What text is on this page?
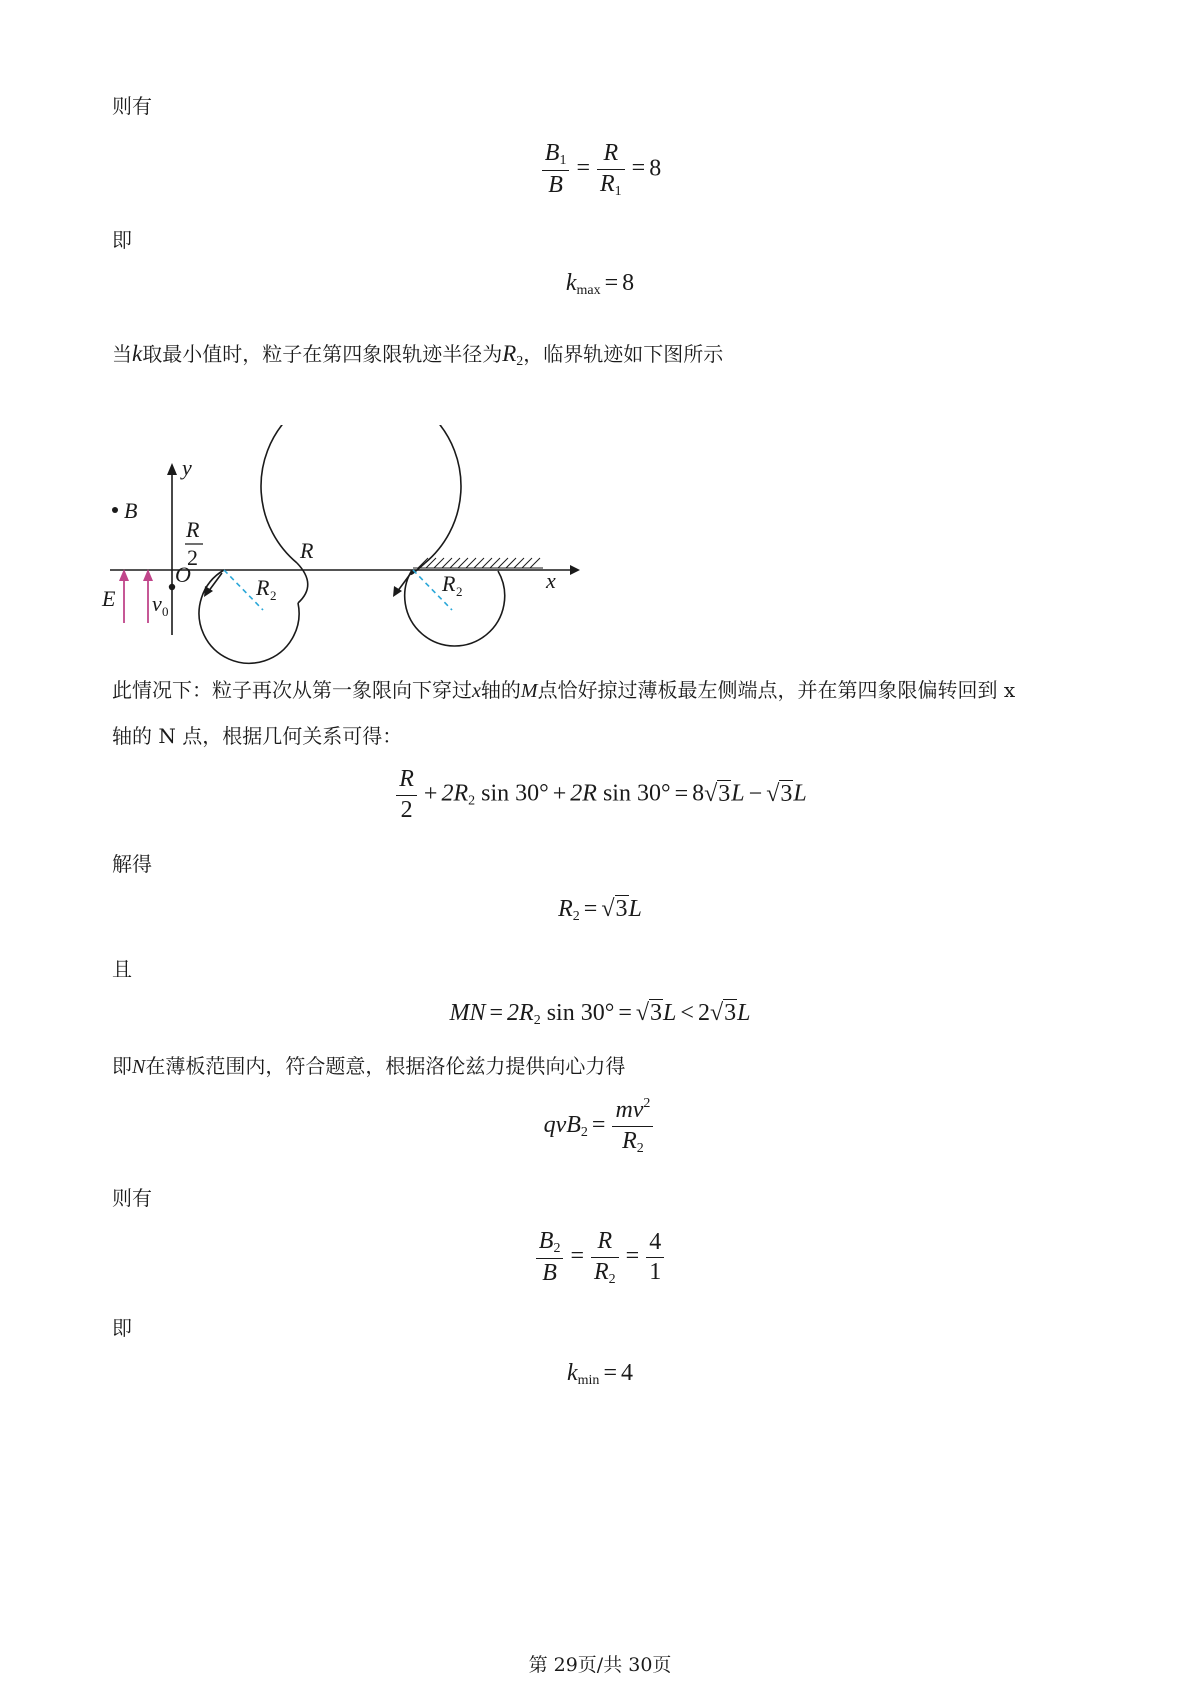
则有
$\frac{B_1}{B} = \frac{R}{R_1} = 8$
即
$k_{max} = 8$
当k取最小值时，粒子在第四象限轨迹半径为$R_2$，临界轨迹如下图所示
y
x
B
O
E v 0
R
R
2
R 2	R 2
此情况下：粒子再次从第一象限向下穿过x轴的M点恰好掠过薄板最左侧端点，并在第四象限偏转回到 x
轴的 N 点，根据几何关系可得：
$\frac{R}{2} + 2R_2$ sin 30° + 2R sin 30° = 8√3L − √3L
解得
$R_2 = √3L$
且
MN = $2R_2$ sin 30° = √3L < 2√3L
即N在薄板范围内，符合题意，根据洛伦兹力提供向心力得
$qvB_2 = \frac{mv^2}{R_2}$
则有
$\frac{B_2}{B} = \frac{R}{R_2} = \frac{4}{1}$
即
$k_{min} = 4$
第 29页/共 30页
